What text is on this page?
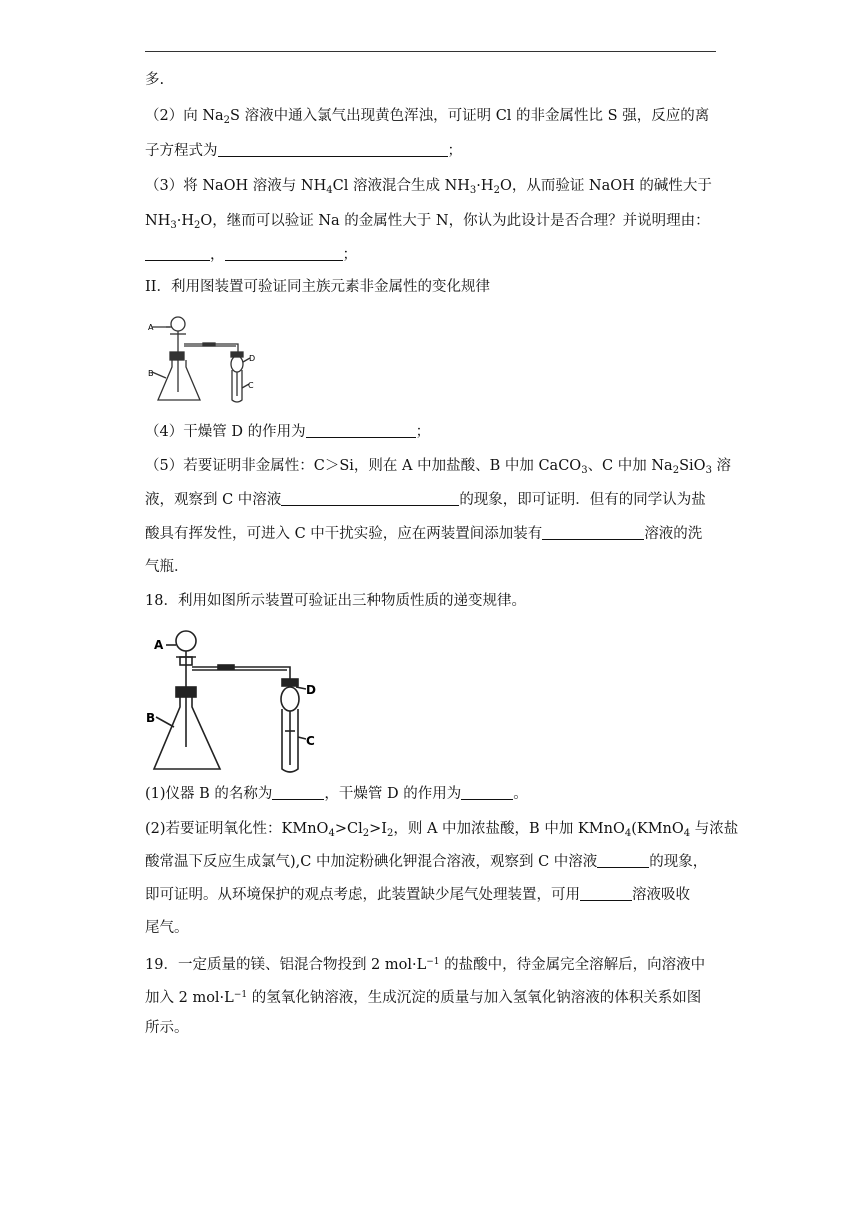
多.
（2）向 $Na_2S$ 溶液中通入氯气出现黄色浑浊，可证明 Cl 的非金属性比 S 强，反应的离
子方程式为	；
（3）将 NaOH 溶液与 $NH_4Cl$ 溶液混合生成 $NH_3\cdot H_2O$，从而验证 NaOH 的碱性大于
$NH_3\cdot H_2O$，继而可以验证 Na 的金属性大于 N，你认为此设计是否合理？并说明理由：
，	；
II．利用图装置可验证同主族元素非金属性的变化规律
A
B
D
C
（4）干燥管 D 的作用为	；
（5）若要证明非金属性：C＞Si，则在 A 中加盐酸、B 中加 CaCO$_3$、C 中加 $Na_2SiO_3$ 溶
液，观察到 C 中溶液	的现象，即可证明．但有的同学认为盐
酸具有挥发性，可进入 C 中干扰实验，应在两装置间添加装有	溶液的洗
气瓶．
18．利用如图所示装置可验证出三种物质性质的递变规律。
A
B
D
C
(1)仪器 B 的名称为	，干燥管 D 的作用为	。
(2)若要证明氧化性：$KMnO_4>Cl_2>I_2$，则 A 中加浓盐酸，B 中加 KMnO$_4$(KMnO$_4$ 与浓盐
酸常温下反应生成氯气),C 中加淀粉碘化钾混合溶液，观察到 C 中溶液	的现象，
即可证明。从环境保护的观点考虑，此装置缺少尾气处理装置，可用	溶液吸收
尾气。
19．一定质量的镁、铝混合物投到 2 $mol\cdot L^{-1}$ 的盐酸中，待金属完全溶解后，向溶液中
加入 2 $mol\cdot L^{-1}$ 的氢氧化钠溶液，生成沉淀的质量与加入氢氧化钠溶液的体积关系如图
所示。
